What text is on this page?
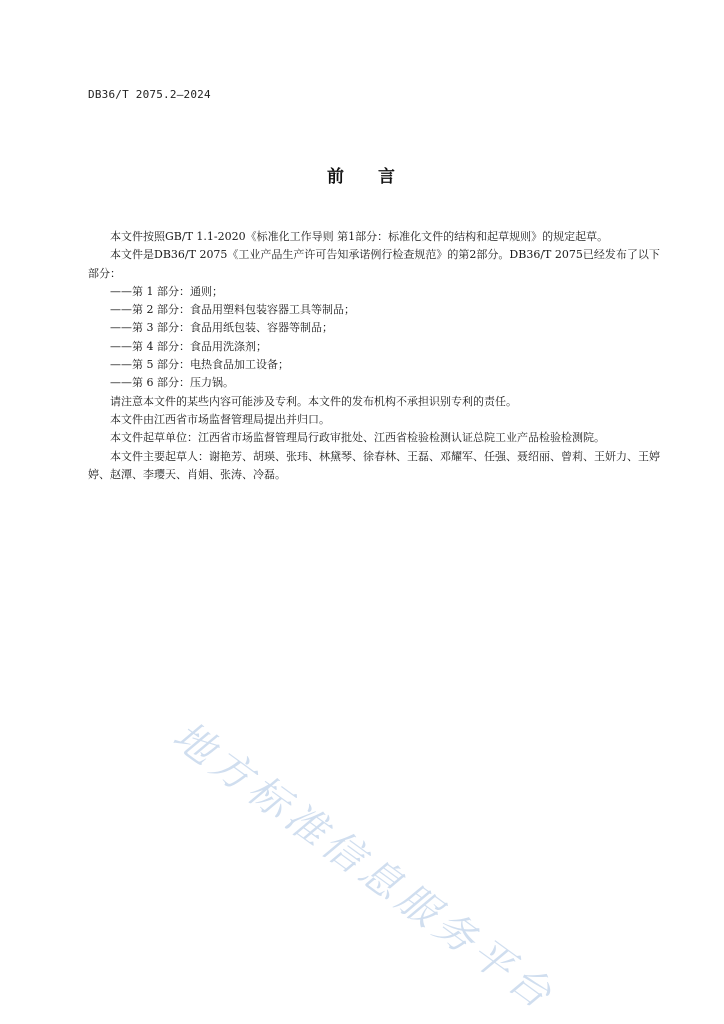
DB36/T 2075.2—2024
前 言

本文件按照GB/T 1.1-2020《标准化工作导则 第1部分：标准化文件的结构和起草规则》的规定起草。

本文件是DB36/T 2075《工业产品生产许可告知承诺例行检查规范》的第2部分。DB36/T 2075已经发布了以下部分：

——第 1 部分：通则；

——第 2 部分：食品用塑料包装容器工具等制品；

——第 3 部分：食品用纸包装、容器等制品；

——第 4 部分：食品用洗涤剂；

——第 5 部分：电热食品加工设备；

——第 6 部分：压力锅。

请注意本文件的某些内容可能涉及专利。本文件的发布机构不承担识别专利的责任。

本文件由江西省市场监督管理局提出并归口。

本文件起草单位：江西省市场监督管理局行政审批处、江西省检验检测认证总院工业产品检验检测院。

本文件主要起草人：谢艳芳、胡瑛、张玮、林黛琴、徐春林、王磊、邓耀军、任强、聂绍丽、曾莉、王妍力、王婷婷、赵潭、李璎天、肖娟、张涛、冷磊。

地方标准信息服务平台
